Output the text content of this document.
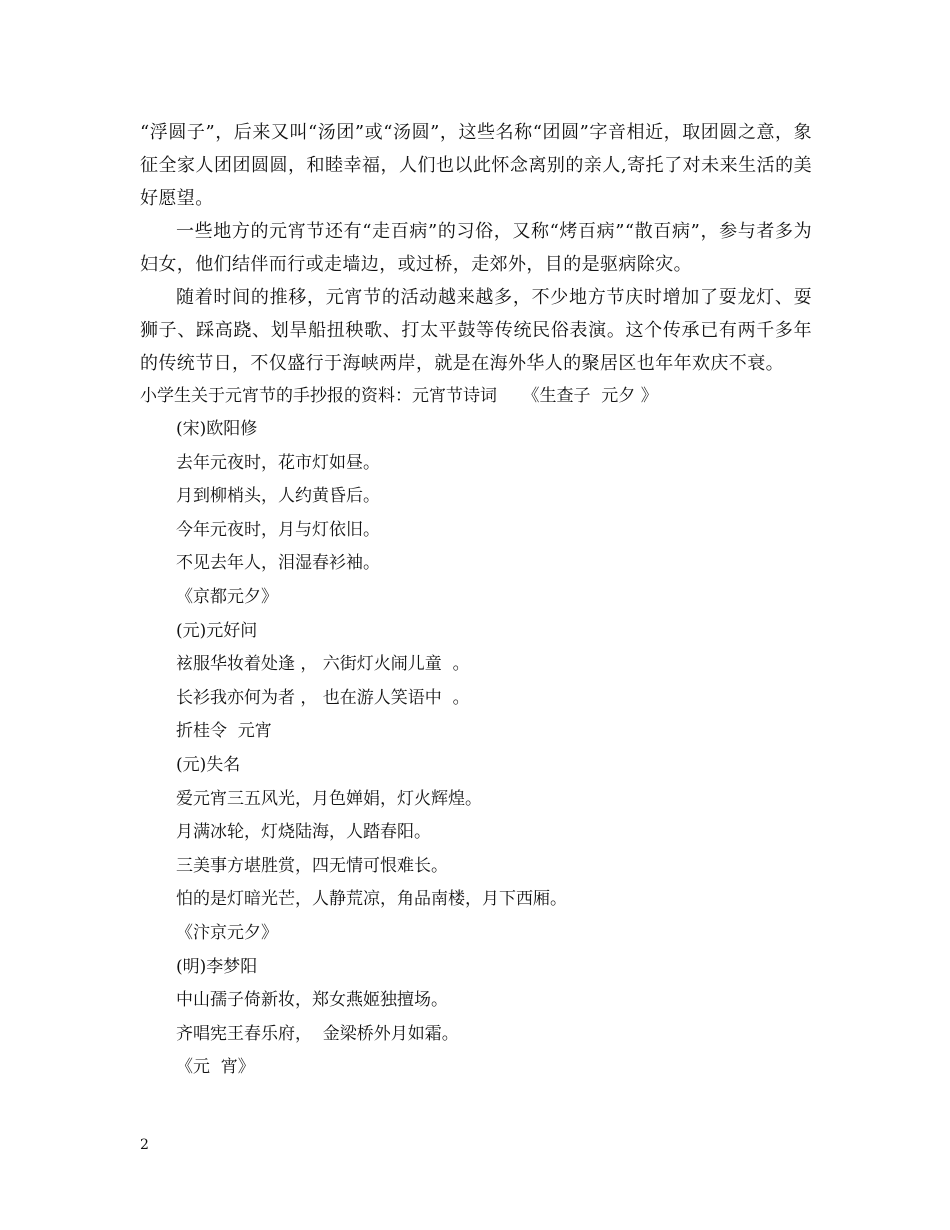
“浮圆子”，后来又叫“汤团”或“汤圆”，这些名称“团圆”字音相近，取团圆之意，象征全家人团团圆圆，和睦幸福，人们也以此怀念离别的亲人,寄托了对未来生活的美好愿望。

一些地方的元宵节还有“走百病”的习俗，又称“烤百病”“散百病”，参与者多为妇女，他们结伴而行或走墙边，或过桥，走郊外，目的是驱病除灾。

随着时间的推移，元宵节的活动越来越多，不少地方节庆时增加了耍龙灯、耍狮子、踩高跷、划旱船扭秧歌、打太平鼓等传统民俗表演。这个传承已有两千多年的传统节日，不仅盛行于海峡两岸，就是在海外华人的聚居区也年年欢庆不衰。

小学生关于元宵节的手抄报的资料：元宵节诗词　　《生查子  元夕 》

(宋)欧阳修

去年元夜时，花市灯如昼。

月到柳梢头，人约黄昏后。

今年元夜时，月与灯依旧。

不见去年人，泪湿春衫袖。

《京都元夕》

(元)元好问

袨服华妆着处逢 ， 六街灯火闹儿童  。

长衫我亦何为者 ， 也在游人笑语中  。

折桂令  元宵

(元)失名

爱元宵三五风光，月色婵娟，灯火辉煌。

月满冰轮，灯烧陆海，人踏春阳。

三美事方堪胜赏，四无情可恨难长。

怕的是灯暗光芒，人静荒凉，角品南楼，月下西厢。

《汴京元夕》

(明)李梦阳

中山孺子倚新妆，郑女燕姬独擅场。

齐唱宪王春乐府，  金梁桥外月如霜。

《元  宵》

2
